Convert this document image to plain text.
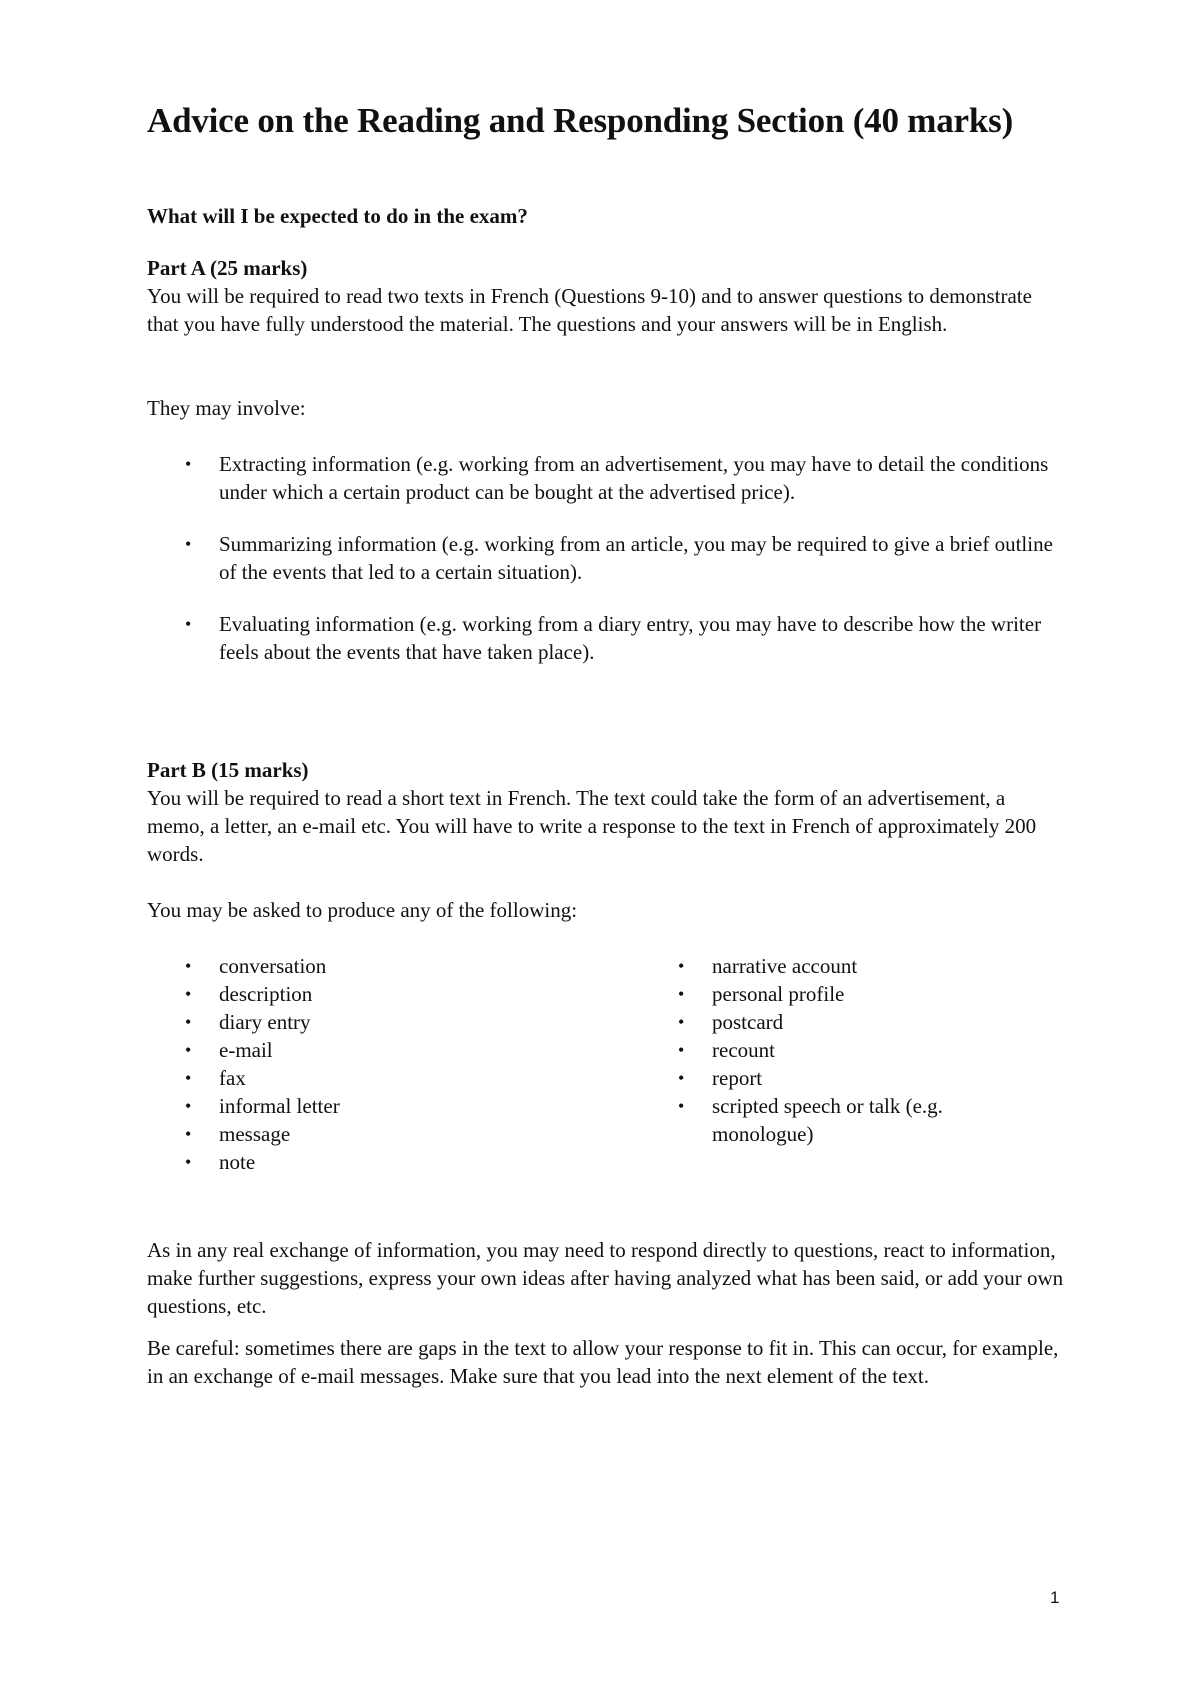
Advice on the Reading and Responding Section (40 marks)
What will I be expected to do in the exam?
Part A (25 marks)

You will be required to read two texts in French (Questions 9-10) and to answer questions to demonstrate that you have fully understood the material. The questions and your answers will be in English.

They may involve:

• Extracting information (e.g. working from an advertisement, you may have to detail the conditions under which a certain product can be bought at the advertised price).
• Summarizing information (e.g. working from an article, you may be required to give a brief outline of the events that led to a certain situation).
• Evaluating information (e.g. working from a diary entry, you may have to describe how the writer feels about the events that have taken place).
Part B (15 marks)

You will be required to read a short text in French. The text could take the form of an advertisement, a memo, a letter, an e-mail etc. You will have to write a response to the text in French of approximately 200 words.

You may be asked to produce any of the following:

• conversation
• description
• diary entry
• e-mail
• fax
• informal letter
• message
• note
• narrative account
• personal profile
• postcard
• recount
• report
• scripted speech or talk (e.g. monologue)

As in any real exchange of information, you may need to respond directly to questions, react to information, make further suggestions, express your own ideas after having analyzed what has been said, or add your own questions, etc.

Be careful: sometimes there are gaps in the text to allow your response to fit in. This can occur, for example, in an exchange of e-mail messages. Make sure that you lead into the next element of the text.

1
